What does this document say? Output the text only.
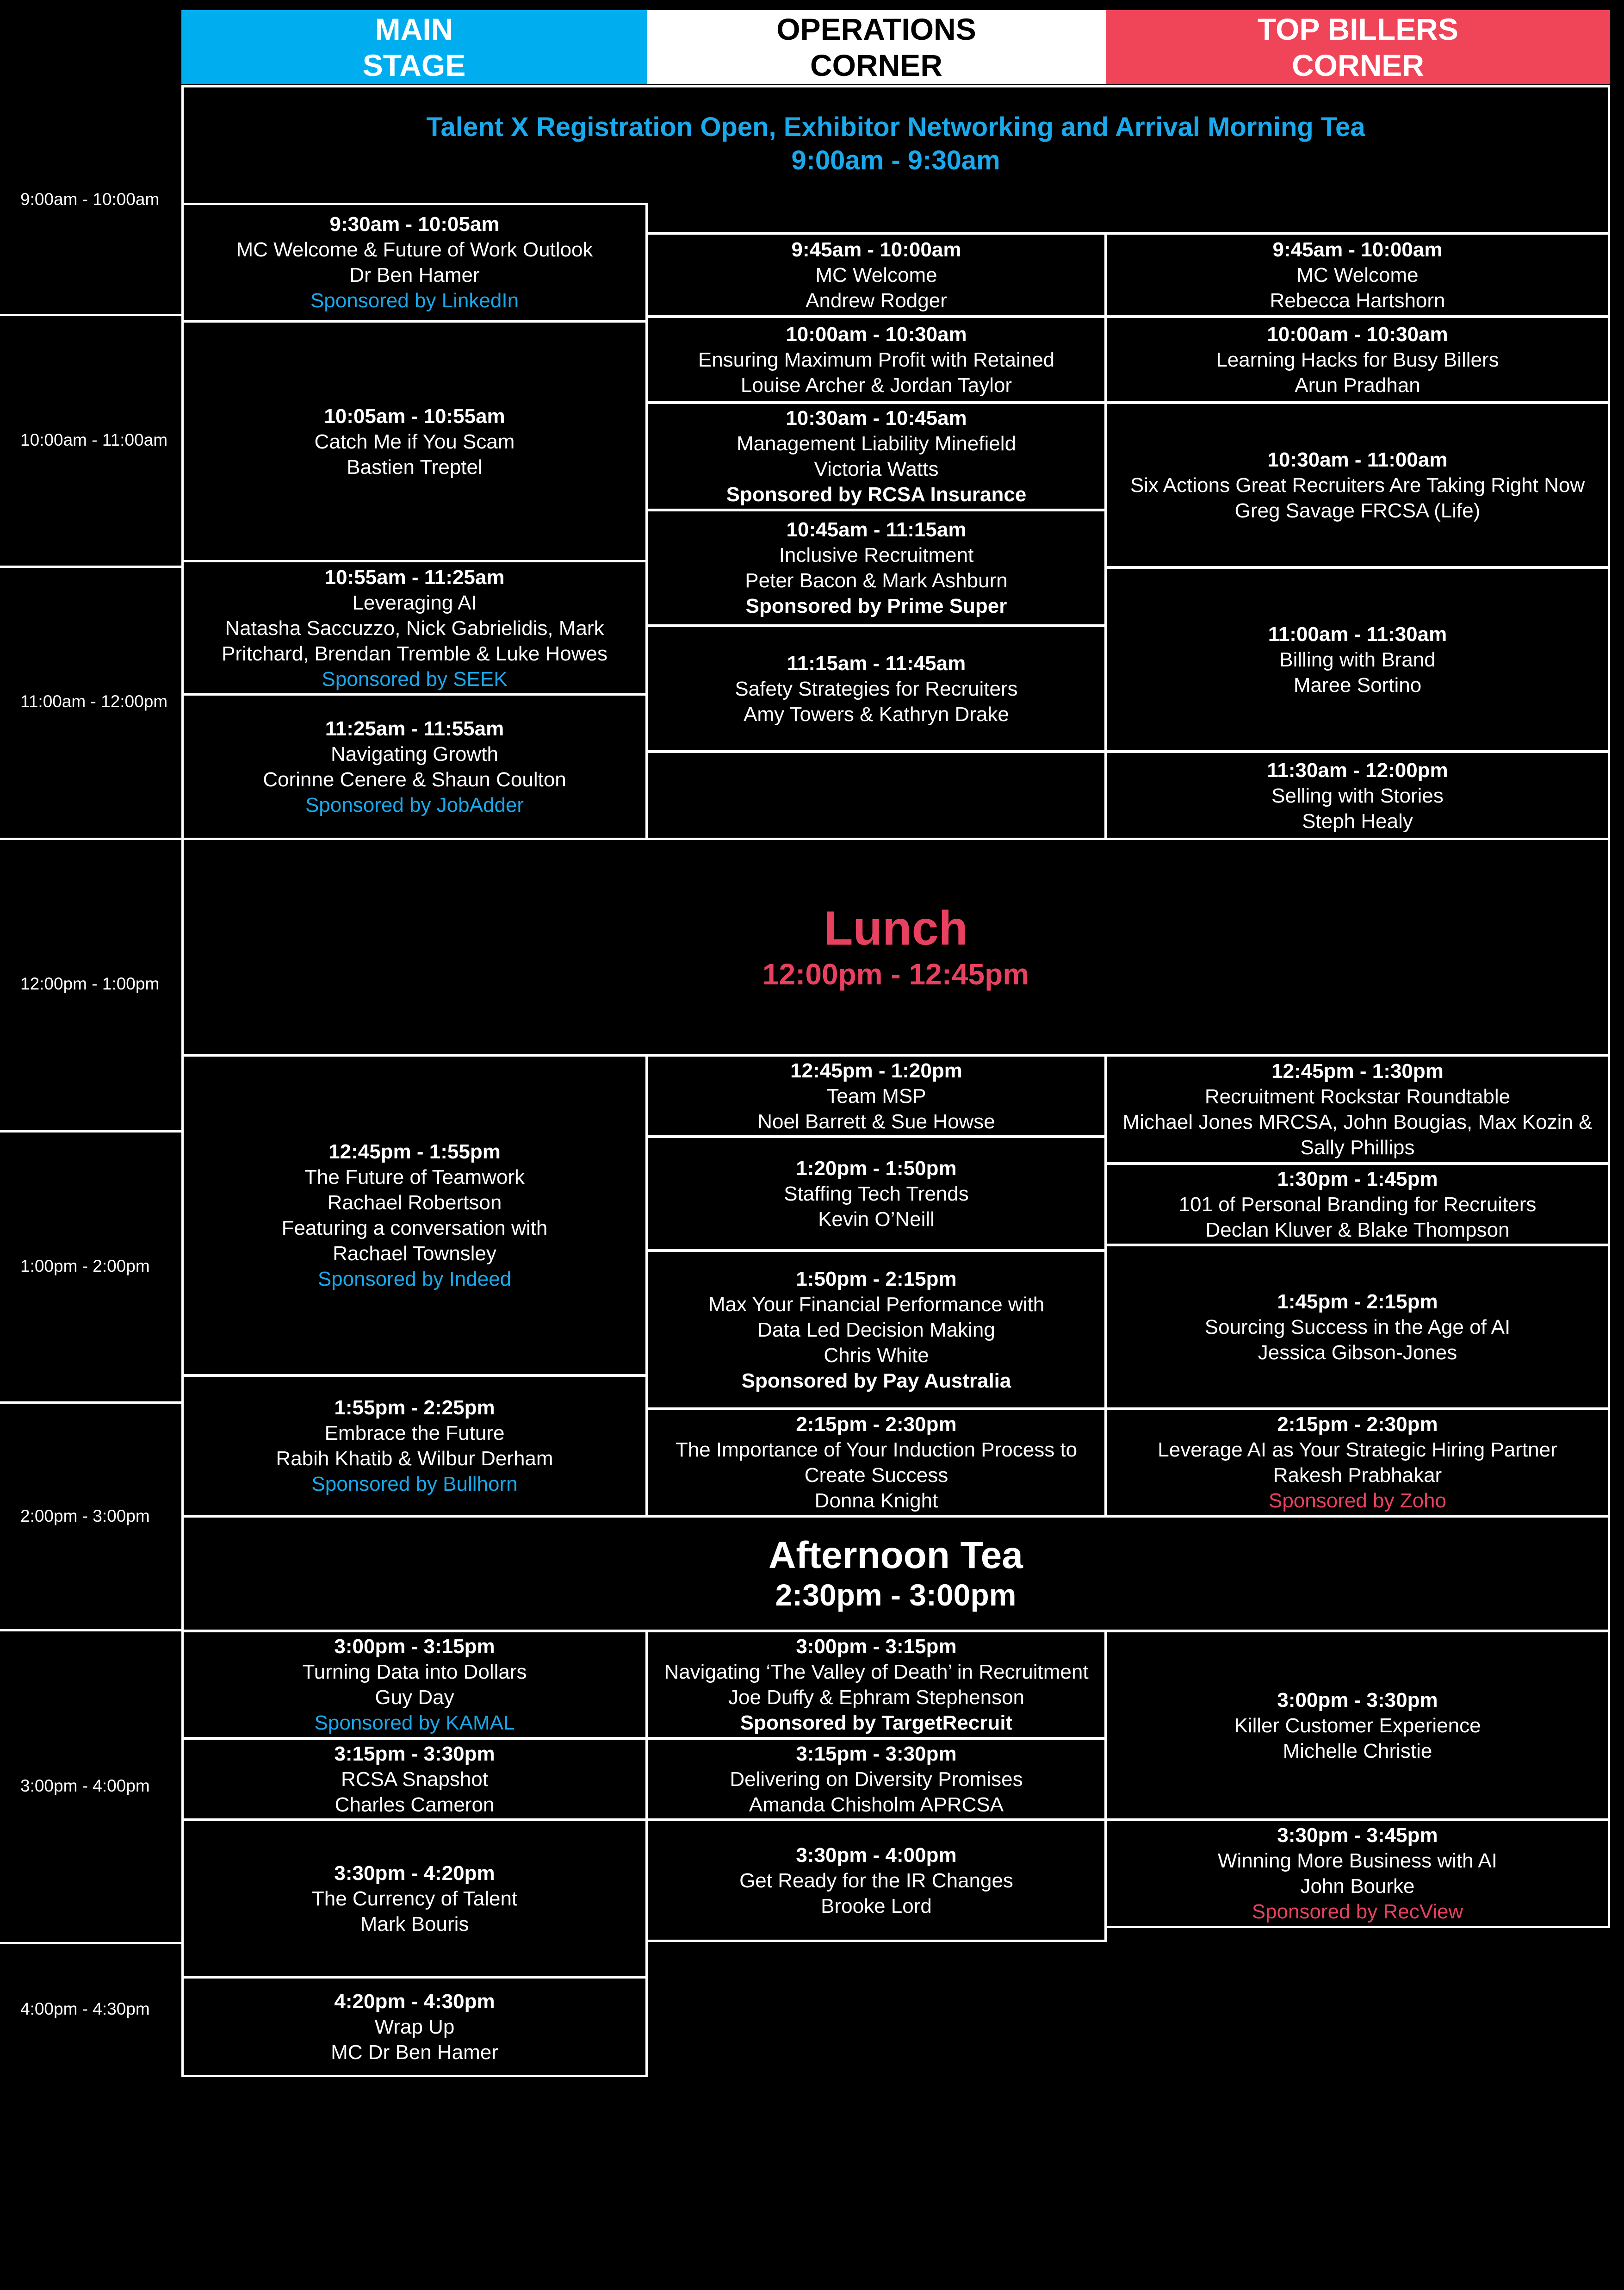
MAIN
STAGE
OPERATIONS
CORNER
TOP BILLERS
CORNER
9:00am - 10:00am
10:00am - 11:00am
11:00am - 12:00pm
12:00pm - 1:00pm
1:00pm - 2:00pm
2:00pm - 3:00pm
3:00pm - 4:00pm
4:00pm - 4:30pm
Talent X Registration Open, Exhibitor Networking and Arrival Morning Tea
9:00am - 9:30am
9:30am - 10:05am
MC Welcome & Future of Work Outlook
Dr Ben Hamer
Sponsored by LinkedIn
10:05am - 10:55am
Catch Me if You Scam
Bastien Treptel
10:55am - 11:25am
Leveraging AI
Natasha Saccuzzo, Nick Gabrielidis, Mark
Pritchard, Brendan Tremble & Luke Howes
Sponsored by SEEK
11:25am - 11:55am
Navigating Growth
Corinne Cenere & Shaun Coulton
Sponsored by JobAdder
9:45am - 10:00am
MC Welcome
Andrew Rodger
10:00am - 10:30am
Ensuring Maximum Profit with Retained
Louise Archer & Jordan Taylor
10:30am - 10:45am
Management Liability Minefield
Victoria Watts
Sponsored by RCSA Insurance
10:45am - 11:15am
Inclusive Recruitment
Peter Bacon & Mark Ashburn
Sponsored by Prime Super
11:15am - 11:45am
Safety Strategies for Recruiters
Amy Towers & Kathryn Drake
9:45am - 10:00am
MC Welcome
Rebecca Hartshorn
10:00am - 10:30am
Learning Hacks for Busy Billers
Arun Pradhan
10:30am - 11:00am
Six Actions Great Recruiters Are Taking Right Now
Greg Savage FRCSA (Life)
11:00am - 11:30am
Billing with Brand
Maree Sortino
11:30am - 12:00pm
Selling with Stories
Steph Healy
Lunch
12:00pm - 12:45pm
12:45pm - 1:55pm
The Future of Teamwork
Rachael Robertson
Featuring a conversation with
Rachael Townsley
Sponsored by Indeed
1:55pm - 2:25pm
Embrace the Future
Rabih Khatib & Wilbur Derham
Sponsored by Bullhorn
12:45pm - 1:20pm
Team MSP
Noel Barrett & Sue Howse
1:20pm - 1:50pm
Staffing Tech Trends
Kevin O’Neill
1:50pm - 2:15pm
Max Your Financial Performance with
Data Led Decision Making
Chris White
Sponsored by Pay Australia
2:15pm - 2:30pm
The Importance of Your Induction Process to
Create Success
Donna Knight
12:45pm - 1:30pm
Recruitment Rockstar Roundtable
Michael Jones MRCSA, John Bougias, Max Kozin &
Sally Phillips
1:30pm - 1:45pm
101 of Personal Branding for Recruiters
Declan Kluver & Blake Thompson
1:45pm - 2:15pm
Sourcing Success in the Age of AI
Jessica Gibson-Jones
2:15pm - 2:30pm
Leverage AI as Your Strategic Hiring Partner
Rakesh Prabhakar
Sponsored by Zoho
Afternoon Tea
2:30pm - 3:00pm
3:00pm - 3:15pm
Turning Data into Dollars
Guy Day
Sponsored by KAMAL
3:15pm - 3:30pm
RCSA Snapshot
Charles Cameron
3:30pm - 4:20pm
The Currency of Talent
Mark Bouris
4:20pm - 4:30pm
Wrap Up
MC Dr Ben Hamer
3:00pm - 3:15pm
Navigating ‘The Valley of Death’ in Recruitment
Joe Duffy & Ephram Stephenson
Sponsored by TargetRecruit
3:15pm - 3:30pm
Delivering on Diversity Promises
Amanda Chisholm APRCSA
3:30pm - 4:00pm
Get Ready for the IR Changes
Brooke Lord
3:00pm - 3:30pm
Killer Customer Experience
Michelle Christie
3:30pm - 3:45pm
Winning More Business with AI
John Bourke
Sponsored by RecView
